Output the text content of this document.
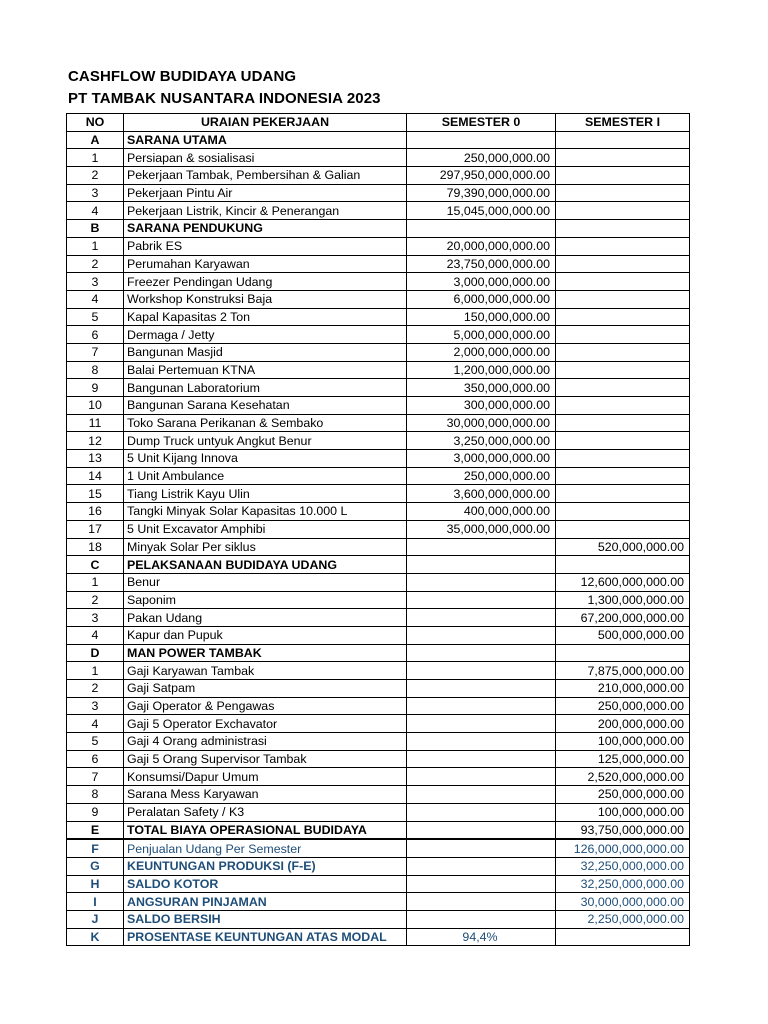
CASHFLOW BUDIDAYA UDANG
PT TAMBAK NUSANTARA INDONESIA 2023
NO	URAIAN PEKERJAAN	SEMESTER 0	SEMESTER I
A	SARANA UTAMA		
1	Persiapan & sosialisasi	250,000,000.00	
2	Pekerjaan Tambak, Pembersihan & Galian	297,950,000,000.00	
3	Pekerjaan Pintu Air	79,390,000,000.00	
4	Pekerjaan Listrik, Kincir & Penerangan	15,045,000,000.00	
B	SARANA PENDUKUNG		
1	Pabrik ES	20,000,000,000.00	
2	Perumahan Karyawan	23,750,000,000.00	
3	Freezer Pendingan Udang	3,000,000,000.00	
4	Workshop Konstruksi Baja	6,000,000,000.00	
5	Kapal Kapasitas 2 Ton	150,000,000.00	
6	Dermaga / Jetty	5,000,000,000.00	
7	Bangunan Masjid	2,000,000,000.00	
8	Balai Pertemuan KTNA	1,200,000,000.00	
9	Bangunan Laboratorium	350,000,000.00	
10	Bangunan Sarana Kesehatan	300,000,000.00	
11	Toko Sarana Perikanan & Sembako	30,000,000,000.00	
12	Dump Truck untyuk Angkut Benur	3,250,000,000.00	
13	5 Unit Kijang Innova	3,000,000,000.00	
14	1 Unit Ambulance	250,000,000.00	
15	Tiang Listrik Kayu Ulin	3,600,000,000.00	
16	Tangki Minyak Solar Kapasitas 10.000 L	400,000,000.00	
17	5 Unit Excavator Amphibi	35,000,000,000.00	
18	Minyak Solar Per siklus		520,000,000.00
C	PELAKSANAAN BUDIDAYA UDANG		
1	Benur		12,600,000,000.00
2	Saponim		1,300,000,000.00
3	Pakan Udang		67,200,000,000.00
4	Kapur dan Pupuk		500,000,000.00
D	MAN POWER TAMBAK		
1	Gaji Karyawan Tambak		7,875,000,000.00
2	Gaji Satpam		210,000,000.00
3	Gaji Operator & Pengawas		250,000,000.00
4	Gaji 5 Operator Exchavator		200,000,000.00
5	Gaji 4 Orang administrasi		100,000,000.00
6	Gaji 5 Orang Supervisor Tambak		125,000,000.00
7	Konsumsi/Dapur Umum		2,520,000,000.00
8	Sarana Mess Karyawan		250,000,000.00
9	Peralatan Safety / K3		100,000,000.00
E	TOTAL BIAYA OPERASIONAL BUDIDAYA		93,750,000,000.00
F	Penjualan Udang Per Semester		126,000,000,000.00
G	KEUNTUNGAN PRODUKSI (F-E)		32,250,000,000.00
H	SALDO KOTOR		32,250,000,000.00
I	ANGSURAN PINJAMAN		30,000,000,000.00
J	SALDO BERSIH		2,250,000,000.00
K	PROSENTASE KEUNTUNGAN ATAS MODAL	94,4%	
